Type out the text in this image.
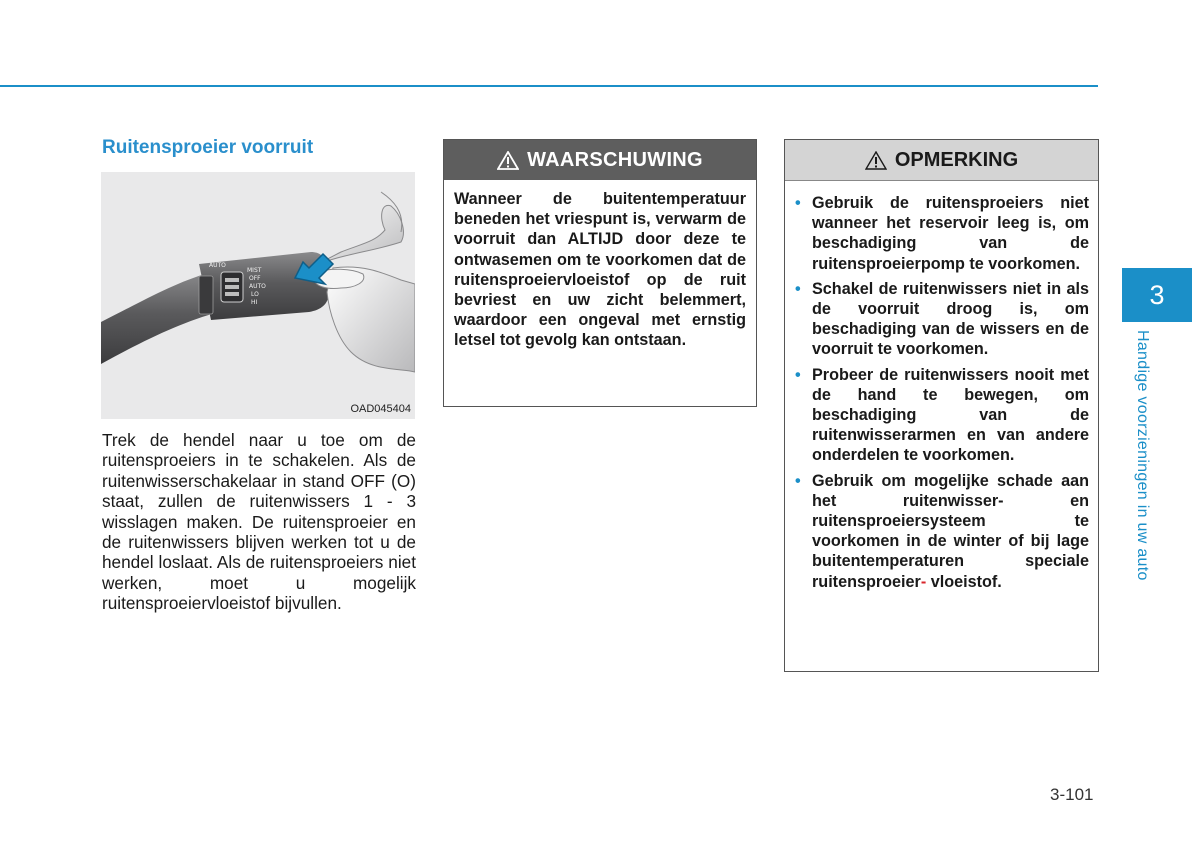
Ruitensproeier voorruit
AUTO
MIST
OFF
AUTO
LO
HI
OAD045404

Trek de hendel naar u toe om de ruitensproeiers in te schakelen. Als de ruitenwisserschakelaar in stand OFF (O) staat, zullen de ruitenwissers 1 - 3 wisslagen maken. De ruitensproeier en de ruitenwissers blijven werken tot u de hendel loslaat. Als de ruitensproeiers niet werken, moet u mogelijk ruitensproeiervloeistof bijvullen.

WAARSCHUWING

Wanneer de buitentemperatuur beneden het vriespunt is, verwarm de voorruit dan ALTIJD door deze te ontwasemen om te voorkomen dat de ruitensproeiervloeistof op de ruit bevriest en uw zicht belemmert, waardoor een ongeval met ernstig letsel tot gevolg kan ontstaan.

OPMERKING
• Gebruik de ruitensproeiers niet wanneer het reservoir leeg is, om beschadiging van de ruitensproeierpomp te voorkomen.
• Schakel de ruitenwissers niet in als de voorruit droog is, om beschadiging van de wissers en de voorruit te voorkomen.
• Probeer de ruitenwissers nooit met de hand te bewegen, om beschadiging van de ruitenwisserarmen en van andere onderdelen te voorkomen.
• Gebruik om mogelijke schade aan het ruitenwisser- en ruitensproeiersysteem te voorkomen in de winter of bij lage buitentemperaturen speciale ruitensproeier- vloeistof.
3
Handige voorzieningen in uw auto
3-101
